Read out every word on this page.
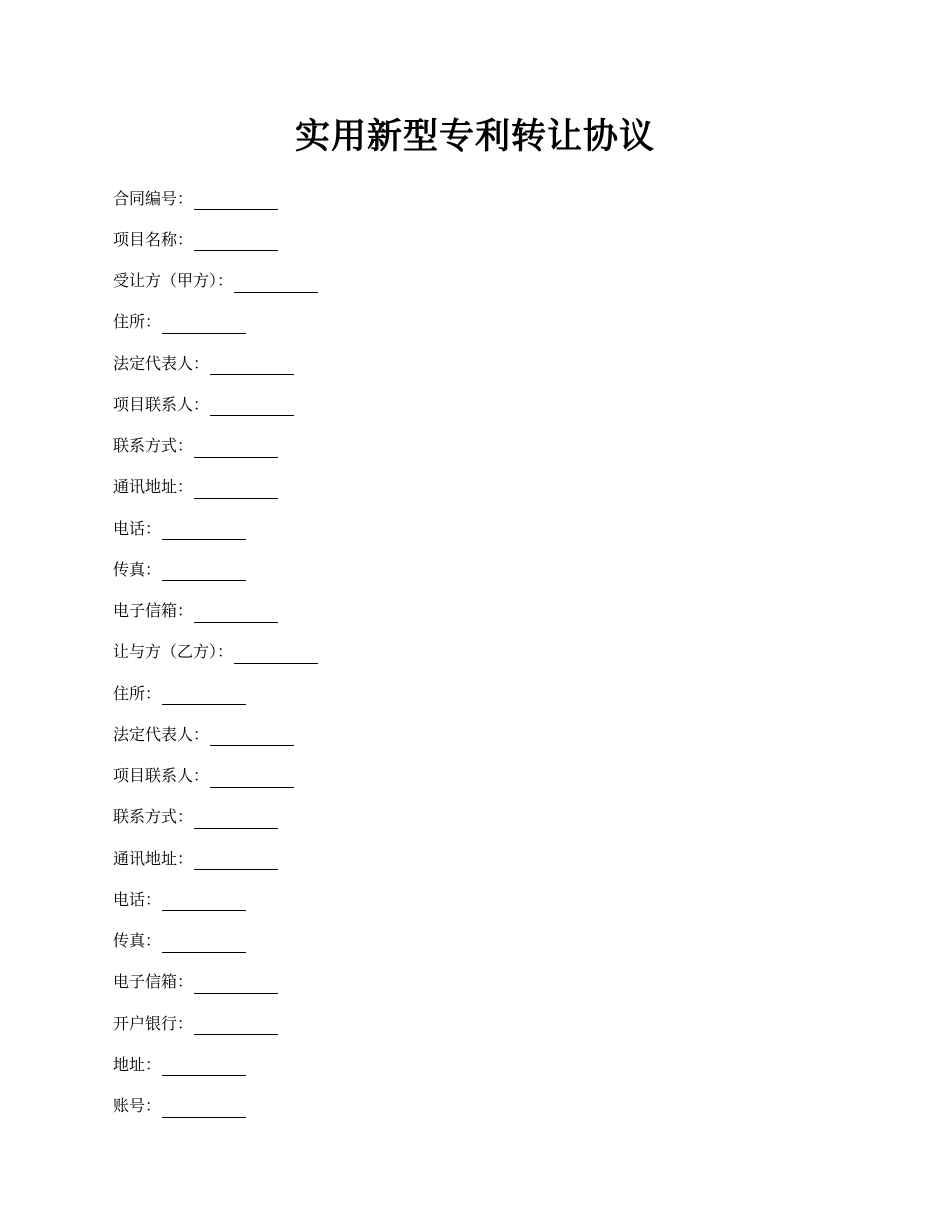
实用新型专利转让协议
合同编号：
项目名称：
受让方（甲方）：
住所：
法定代表人：
项目联系人：
联系方式：
通讯地址：
电话：
传真：
电子信箱：
让与方（乙方）：
住所：
法定代表人：
项目联系人：
联系方式：
通讯地址：
电话：
传真：
电子信箱：
开户银行：
地址：
账号：
